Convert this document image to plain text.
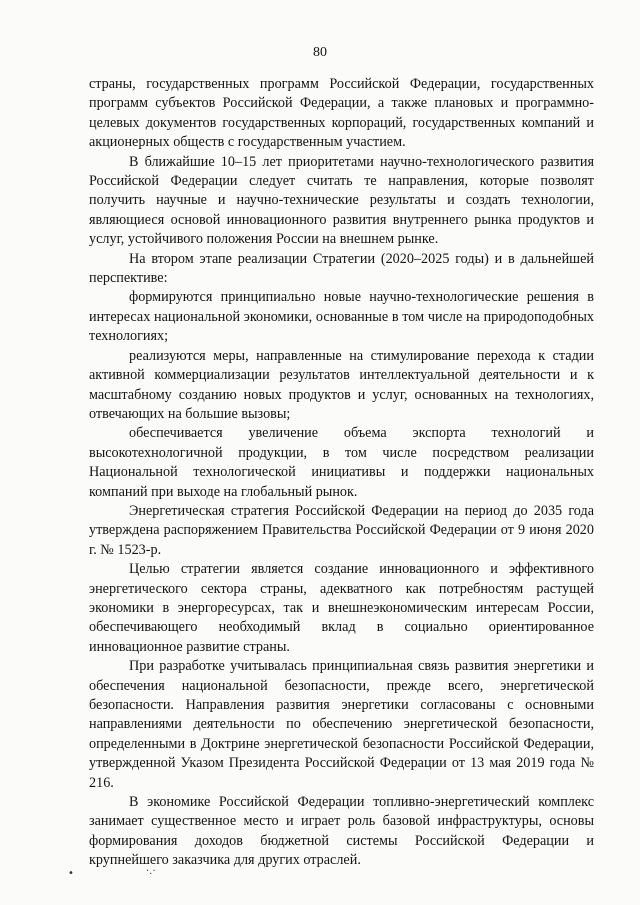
80

страны, государственных программ Российской Федерации, государственных программ субъектов Российской Федерации, а также плановых и программно-целевых документов государственных корпораций, государственных компаний и акционерных обществ с государственным участием.

В ближайшие 10–15 лет приоритетами научно-технологического развития Российской Федерации следует считать те направления, которые позволят получить научные и научно-технические результаты и создать технологии, являющиеся основой инновационного развития внутреннего рынка продуктов и услуг, устойчивого положения России на внешнем рынке.

На втором этапе реализации Стратегии (2020–2025 годы) и в дальнейшей перспективе:

формируются принципиально новые научно-технологические решения в интересах национальной экономики, основанные в том числе на природоподобных технологиях;

реализуются меры, направленные на стимулирование перехода к стадии активной коммерциализации результатов интеллектуальной деятельности и к масштабному созданию новых продуктов и услуг, основанных на технологиях, отвечающих на большие вызовы;

обеспечивается увеличение объема экспорта технологий и высокотехнологичной продукции, в том числе посредством реализации Национальной технологической инициативы и поддержки национальных компаний при выходе на глобальный рынок.

Энергетическая стратегия Российской Федерации на период до 2035 года утверждена распоряжением Правительства Российской Федерации от 9 июня 2020 г. № 1523-р.

Целью стратегии является создание инновационного и эффективного энергетического сектора страны, адекватного как потребностям растущей экономики в энергоресурсах, так и внешнеэкономическим интересам России, обеспечивающего необходимый вклад в социально ориентированное инновационное развитие страны.

При разработке учитывалась принципиальная связь развития энергетики и обеспечения национальной безопасности, прежде всего, энергетической безопасности. Направления развития энергетики согласованы с основными направлениями деятельности по обеспечению энергетической безопасности, определенными в Доктрине энергетической безопасности Российской Федерации, утвержденной Указом Президента Российской Федерации от 13 мая 2019 года № 216.

В экономике Российской Федерации топливно-энергетический комплекс занимает существенное место и играет роль базовой инфраструктуры, основы формирования доходов бюджетной системы Российской Федерации и крупнейшего заказчика для других отраслей.

•	·.·
